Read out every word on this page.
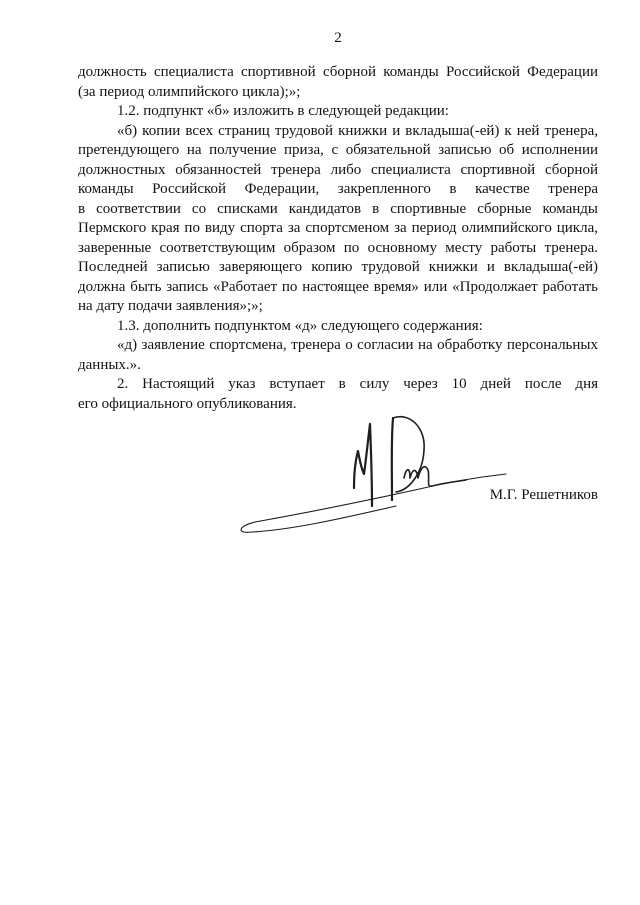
2
должность специалиста спортивной сборной команды Российской Федерации
(за период олимпийского цикла);»;
1.2. подпункт «б» изложить в следующей редакции:
«б) копии всех страниц трудовой книжки и вкладыша(-ей) к ней тренера,
претендующего на получение приза, с обязательной записью об исполнении
должностных обязанностей тренера либо специалиста спортивной сборной
команды Российской Федерации, закрепленного в качестве тренера
в соответствии со списками кандидатов в спортивные сборные команды
Пермского края по виду спорта за спортсменом за период олимпийского цикла,
заверенные соответствующим образом по основному месту работы тренера.
Последней записью заверяющего копию трудовой книжки и вкладыша(-ей)
должна быть запись «Работает по настоящее время» или «Продолжает работать
на дату подачи заявления»;»;
1.3. дополнить подпунктом «д» следующего содержания:
«д) заявление спортсмена, тренера о согласии на обработку персональных
данных.».
2. Настоящий указ вступает в силу через 10 дней после дня
его официального опубликования.
М.Г. Решетников
